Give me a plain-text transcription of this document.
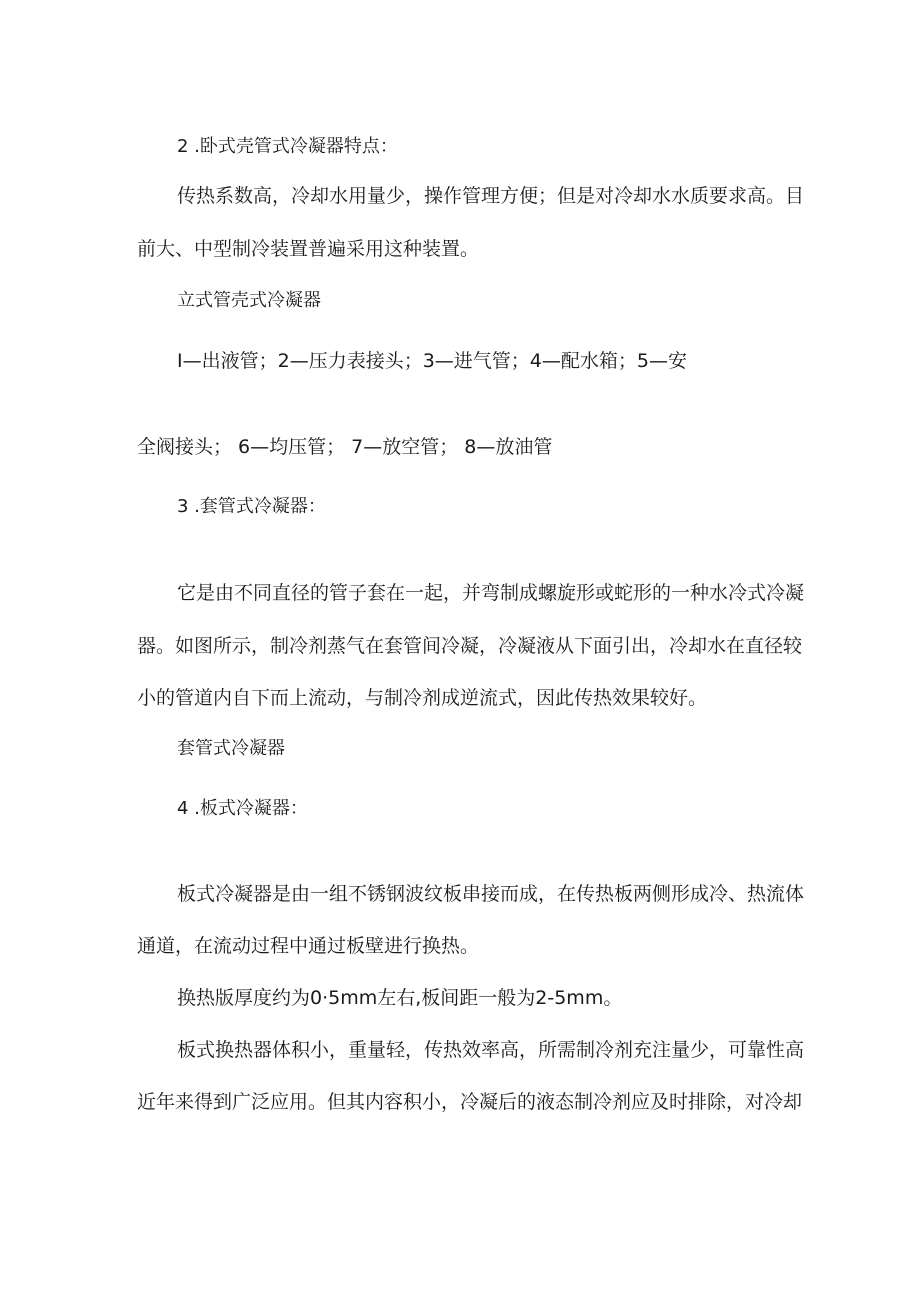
2 .卧式壳管式冷凝器特点：

传热系数高，冷却水用量少，操作管理方便；但是对冷却水水质要求高。目

前大、中型制冷装置普遍采用这种装置。

立式管壳式冷凝器

I—出液管；2—压力表接头；3—进气管；4—配水箱；5—安

全阀接头； 6—均压管； 7—放空管； 8—放油管

3 .套管式冷凝器：

它是由不同直径的管子套在一起，并弯制成螺旋形或蛇形的一种水冷式冷凝

器。如图所示，制冷剂蒸气在套管间冷凝，冷凝液从下面引出，冷却水在直径较

小的管道内自下而上流动，与制冷剂成逆流式，因此传热效果较好。

套管式冷凝器

4 .板式冷凝器：

板式冷凝器是由一组不锈钢波纹板串接而成，在传热板两侧形成冷、热流体

通道，在流动过程中通过板壁进行换热。

换热版厚度约为0·5mm左右,板间距一般为2-5mm。

板式换热器体积小，重量轻，传热效率高，所需制冷剂充注量少，可靠性高

近年来得到广泛应用。但其内容积小，冷凝后的液态制冷剂应及时排除，对冷却
